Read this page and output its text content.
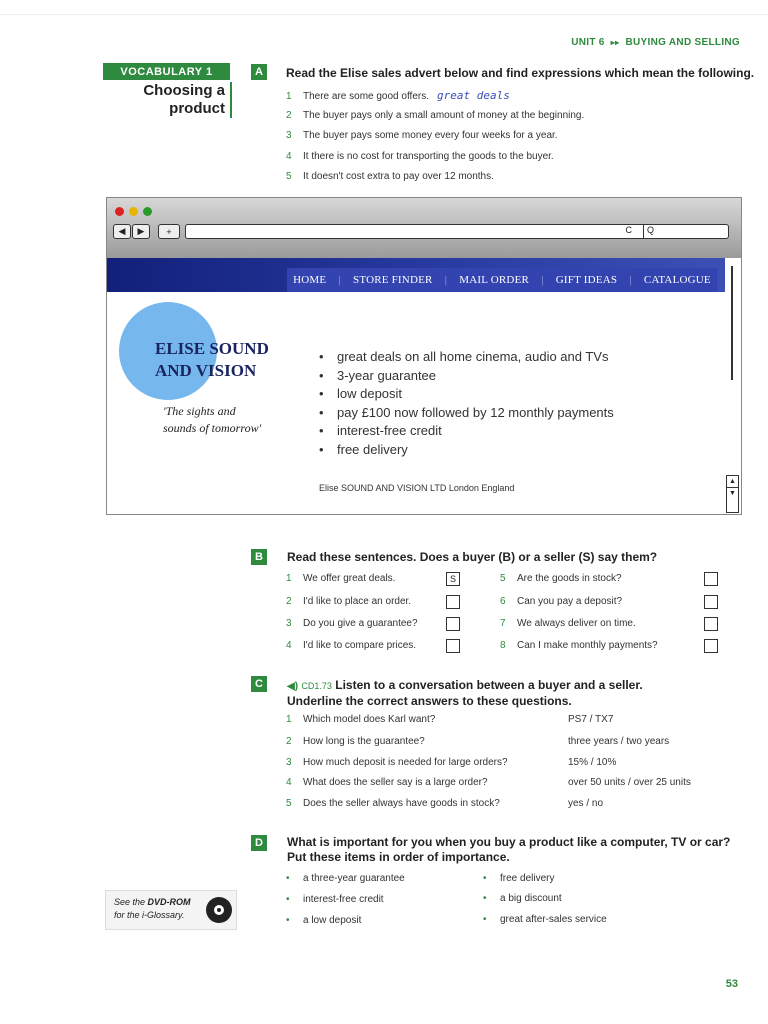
UNIT 6 ▸▸ BUYING AND SELLING
VOCABULARY 1
Choosing a
product
A Read the Elise sales advert below and find expressions which mean the following.
1 There are some good offers. great deals
2 The buyer pays only a small amount of money at the beginning.
3 The buyer pays some money every four weeks for a year.
4 It there is no cost for transporting the goods to the buyer.
5 It doesn't cost extra to pay over 12 months.
◀	▶	+	C Q
HOME | STORE FINDER | MAIL ORDER | GIFT IDEAS | CATALOGUE
ELISE SOUND
AND VISION
'The sights and
sounds of tomorrow'
• great deals on all home cinema, audio and TVs
• 3-year guarantee
• low deposit
• pay £100 now followed by 12 monthly payments
• interest-free credit
• free delivery
Elise SOUND AND VISION LTD London England
▲
▼
B Read these sentences. Does a buyer (B) or a seller (S) say them?
1 We offer great deals.	S
2 I'd like to place an order.
3 Do you give a guarantee?
4 I'd like to compare prices.
5 Are the goods in stock?
6 Can you pay a deposit?
7 We always deliver on time.
8 Can I make monthly payments?
C ◀) CD1.73 Listen to a conversation between a buyer and a seller.
Underline the correct answers to these questions.
1 Which model does Karl want?	PS7 / TX7
2 How long is the guarantee?	three years / two years
3 How much deposit is needed for large orders?	15% / 10%
4 What does the seller say is a large order?	over 50 units / over 25 units
5 Does the seller always have goods in stock?	yes / no
D What is important for you when you buy a product like a computer, TV or car?
Put these items in order of importance.
• a three-year guarantee
• interest-free credit
• a low deposit
• free delivery
• a big discount
• great after-sales service
See the DVD-ROM
for the i-Glossary.
53
